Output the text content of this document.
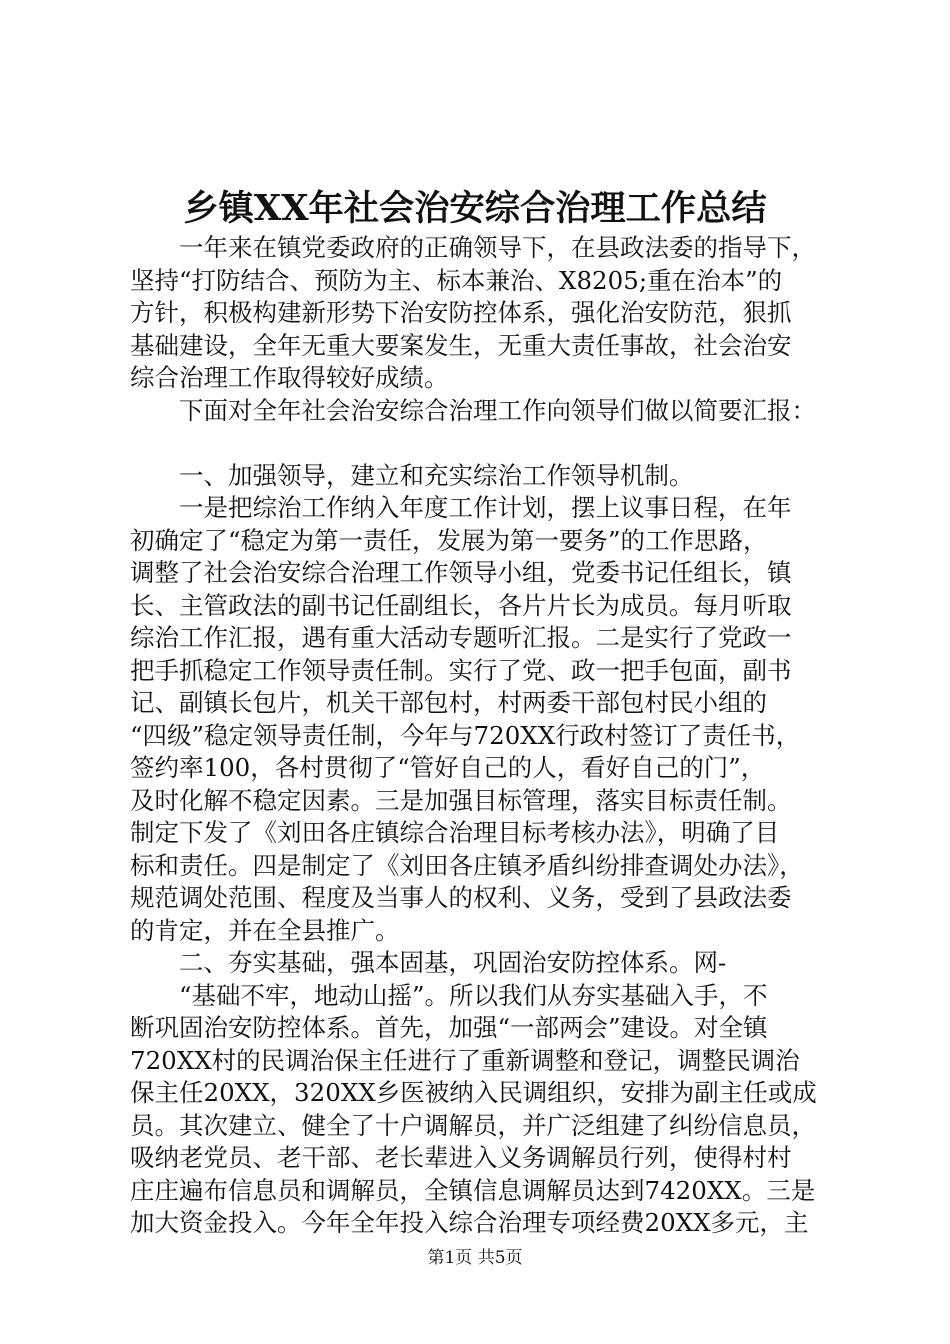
乡镇XX年社会治安综合治理工作总结
一年来在镇党委政府的正确领导下，在县政法委的指导下，
坚持“打防结合、预防为主、标本兼治、X8205;重在治本”的
方针，积极构建新形势下治安防控体系，强化治安防范，狠抓
基础建设，全年无重大要案发生，无重大责任事故，社会治安
综合治理工作取得较好成绩。
下面对全年社会治安综合治理工作向领导们做以简要汇报：
一、加强领导，建立和充实综治工作领导机制。
一是把综治工作纳入年度工作计划，摆上议事日程，在年
初确定了“稳定为第一责任，发展为第一要务”的工作思路，
调整了社会治安综合治理工作领导小组，党委书记任组长，镇
长、主管政法的副书记任副组长，各片片长为成员。每月听取
综治工作汇报，遇有重大活动专题听汇报。二是实行了党政一
把手抓稳定工作领导责任制。实行了党、政一把手包面，副书
记、副镇长包片，机关干部包村，村两委干部包村民小组的
“四级”稳定领导责任制，今年与720XX行政村签订了责任书，
签约率100，各村贯彻了“管好自己的人，看好自己的门”，
及时化解不稳定因素。三是加强目标管理，落实目标责任制。
制定下发了《刘田各庄镇综合治理目标考核办法》，明确了目
标和责任。四是制定了《刘田各庄镇矛盾纠纷排查调处办法》，
规范调处范围、程度及当事人的权利、义务，受到了县政法委
的肯定，并在全县推广。
二、夯实基础，强本固基，巩固治安防控体系。网-
“基础不牢，地动山摇”。所以我们从夯实基础入手，不
断巩固治安防控体系。首先，加强“一部两会”建设。对全镇
720XX村的民调治保主任进行了重新调整和登记，调整民调治
保主任20XX，320XX乡医被纳入民调组织，安排为副主任或成
员。其次建立、健全了十户调解员，并广泛组建了纠纷信息员，
吸纳老党员、老干部、老长辈进入义务调解员行列，使得村村
庄庄遍布信息员和调解员，全镇信息调解员达到7420XX。三是
加大资金投入。今年全年投入综合治理专项经费20XX多元，主
第1页 共5页
